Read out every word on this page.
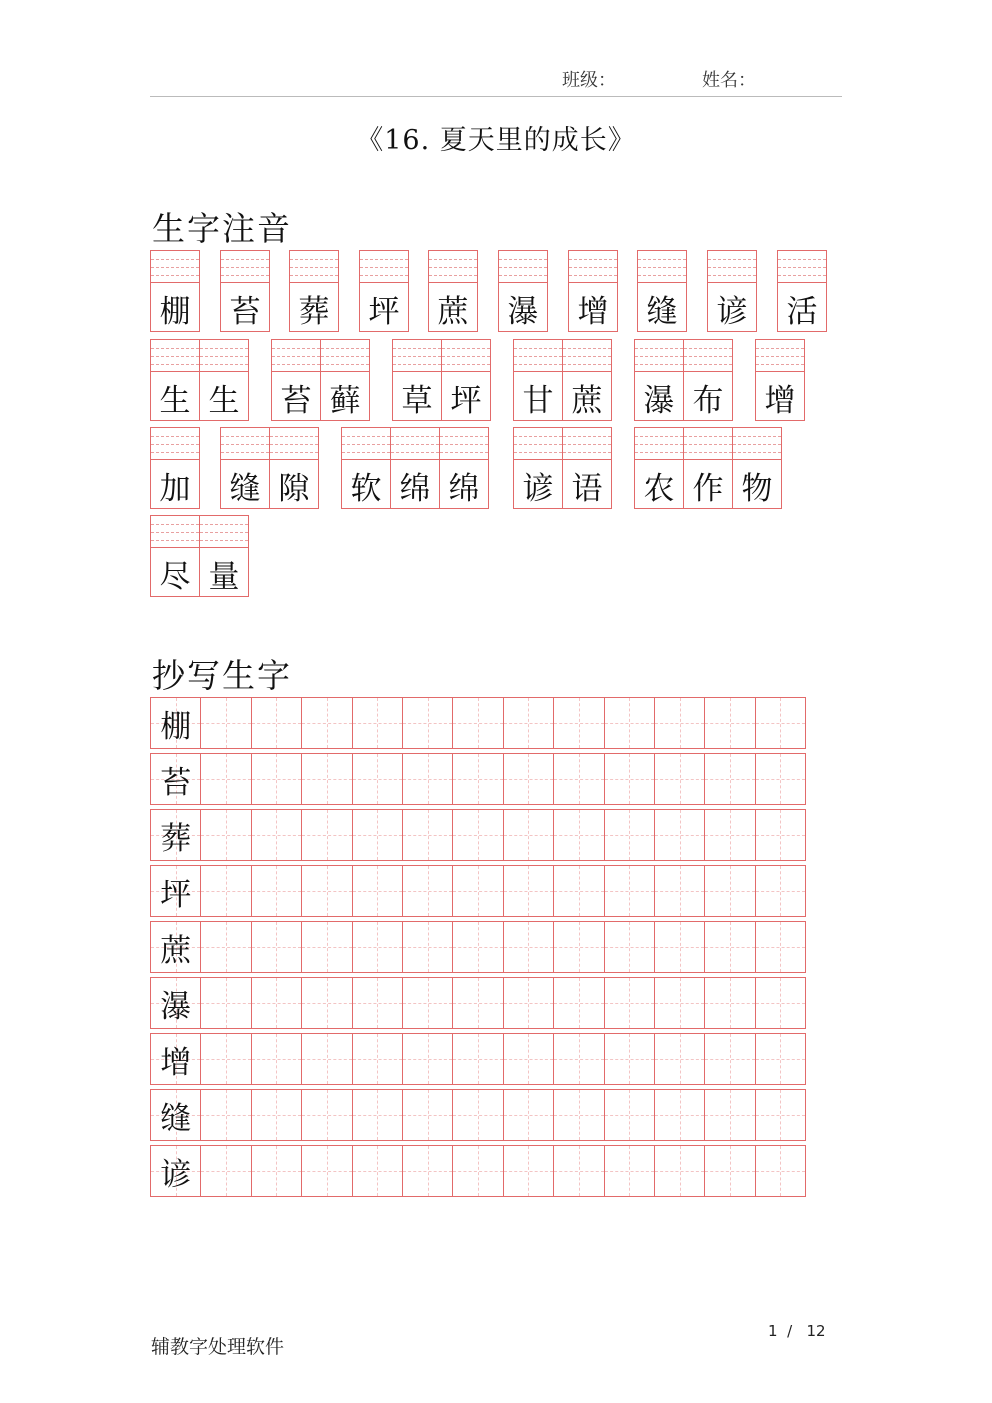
班级：	姓名：
《16. 夏天里的成长》
生字注音
棚 苔 葬 坪 蔗 瀑 增 缝 谚 活
生 生 苔 藓 草 坪 甘 蔗 瀑 布 增
加 缝 隙 软 绵 绵 谚 语 农 作 物
尽 量
抄写生字
棚
苔
葬
坪
蔗
瀑
增
缝
谚
辅教字处理软件
1  /   12
